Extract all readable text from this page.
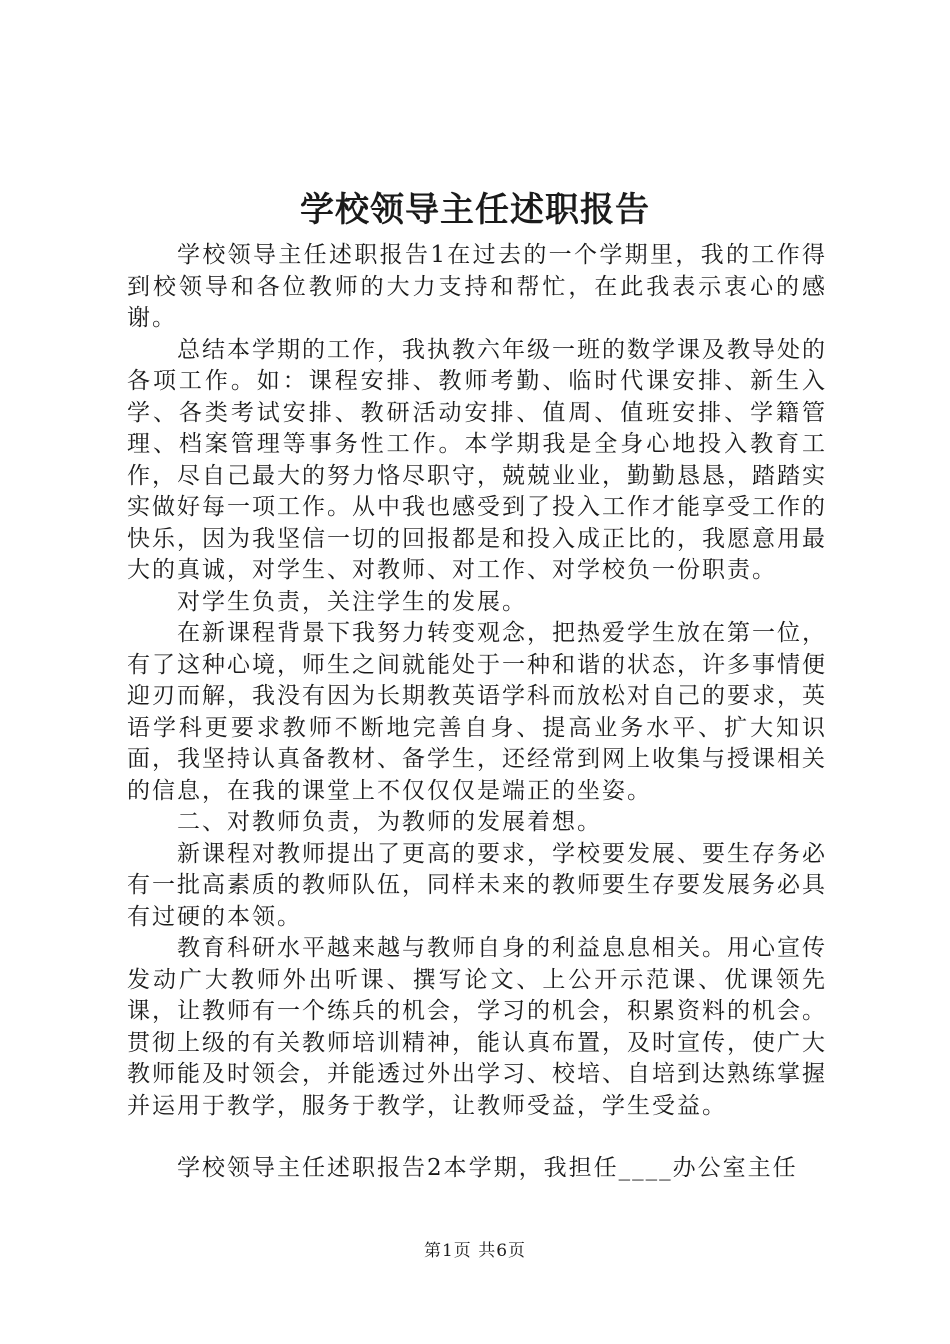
学校领导主任述职报告

学校领导主任述职报告1在过去的一个学期里，我的工作得到校领导和各位教师的大力支持和帮忙，在此我表示衷心的感谢。

总结本学期的工作，我执教六年级一班的数学课及教导处的各项工作。如：课程安排、教师考勤、临时代课安排、新生入学、各类考试安排、教研活动安排、值周、值班安排、学籍管理、档案管理等事务性工作。本学期我是全身心地投入教育工作，尽自己最大的努力恪尽职守，兢兢业业，勤勤恳恳，踏踏实实做好每一项工作。从中我也感受到了投入工作才能享受工作的快乐，因为我坚信一切的回报都是和投入成正比的，我愿意用最大的真诚，对学生、对教师、对工作、对学校负一份职责。

对学生负责，关注学生的发展。

在新课程背景下我努力转变观念，把热爱学生放在第一位，有了这种心境，师生之间就能处于一种和谐的状态，许多事情便迎刃而解，我没有因为长期教英语学科而放松对自己的要求，英语学科更要求教师不断地完善自身、提高业务水平、扩大知识面，我坚持认真备教材、备学生，还经常到网上收集与授课相关的信息，在我的课堂上不仅仅仅是端正的坐姿。

二、对教师负责，为教师的发展着想。

新课程对教师提出了更高的要求，学校要发展、要生存务必有一批高素质的教师队伍，同样未来的教师要生存要发展务必具有过硬的本领。

教育科研水平越来越与教师自身的利益息息相关。用心宣传发动广大教师外出听课、撰写论文、上公开示范课、优课领先课，让教师有一个练兵的机会，学习的机会，积累资料的机会。贯彻上级的有关教师培训精神，能认真布置，及时宣传，使广大教师能及时领会，并能透过外出学习、校培、自培到达熟练掌握并运用于教学，服务于教学，让教师受益，学生受益。

学校领导主任述职报告2本学期，我担任____办公室主任

第1页 共6页
